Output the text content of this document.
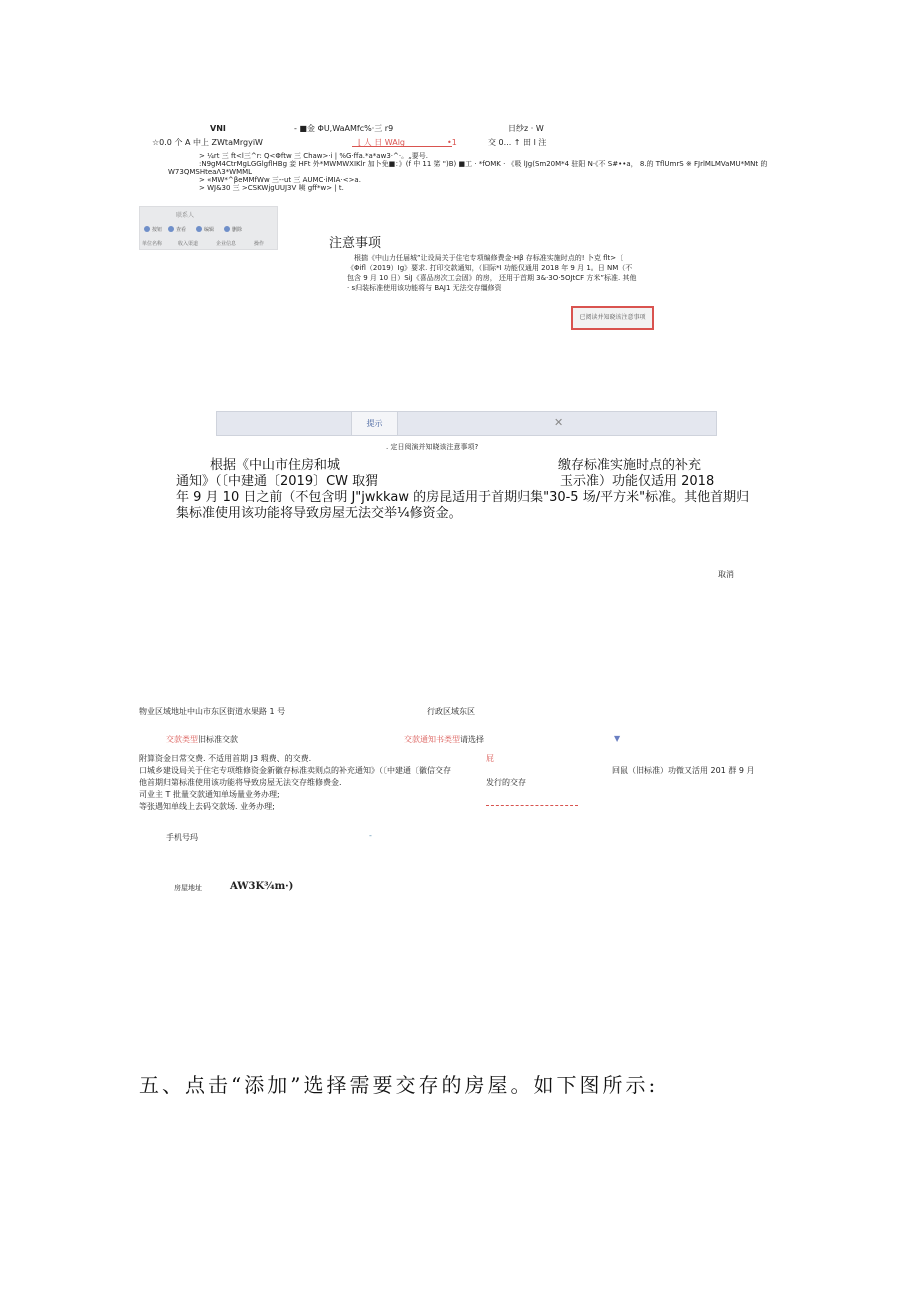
VNI	- ■金 ΦU,WaAMfc%·三 r9	日纱z · W
☆0.0 个 A 中上 ZWtaMrgyiW	⌊ 人 日 WAlg	•1	交 0... ↑ 田 l 注
> ¼rt 三 ft<l三^r: Q<Φftw 三 Chaw>·i | %G·ffa.*a*aw3·^·。„要号.
:N9gM4CtrMgLGGlgflHBg 妾 HFt 外*MWMWXIKlr 加卜免■：》(f 中 11 笫 ")B) ■工 · *fOMK · 《吸 lJg(Sm20M*4 驻阳 N·《不 S#••a， 8.的 TflUmrS ※ FJrlMLMVaMU*MNt 的
W73QMSHteaΛ3*WMML
> «MW*^βeMMfWw 三--ut 三 AUMC·iMIA·<>a.
> WJ&30 三 >CSKWjgUUJ3V 咦 gff*w> | t.
联系人
按钮	查看	编辑	删除
单位名称	收入渠道	企业信息	操作	注意事项
根揣《中山力任届城”让设局关于住宅专项编修费金·Hβ 存标准实施时点的! 卜克 flt>〔
《Φifl（2019）Ig》要求. 打印交款通知，（旧际*I 功能仅通用 2018 年 9 月 1。日 NM（不
包含 9 月 10 日）SiJ《喜品房次工会固》的房， 还用于首期 3&·3O·5OJtCF 方米”标准. 其他
· s归装标准使用该功能将与 BAJ1 无法交存缰修资
已阅读并知晓该注意事项
提示	✕
. 定日阅演并知晓该注意事项?
根据《中山市住房和城	缴存标准实施时点的补充
通知》（〔中建通〔2019〕CW 取猬	玉示准）功能仅适用 2018
年 9 月 10 日之前（不包含明 J"jwkkaw 的房昆适用于首期归集"30-5 场/平方米"标准。其他首期归
集标准使用该功能将导致房屋无法交举¼修资金。
取消
物业区域地址中山市东区街道水果路 1 号	行政区域东区
交款类型旧标准交款	交款通知书类型请选择	▼
附算资金日常交费. 不适用首期 J3 瑕费、的交费.
口城乡建设局关于住宅专项维修资金新徽存标准卖则点的补充通知》（〔中建通〔徽信交存	回鼠（旧标准）功微又活用 201 群 9 月
他首期归第标准使用该功能将导致房屋无法交存维修费金.
司业主 T 批量交款通知单场量业务办理;
等张遇知单线上去码交款场. 业务办理;
屁
发行的交存
手机号玛	-
房屋地址	AW3K¾m·)
五、点击“添加”选择需要交存的房屋。如下图所示:
